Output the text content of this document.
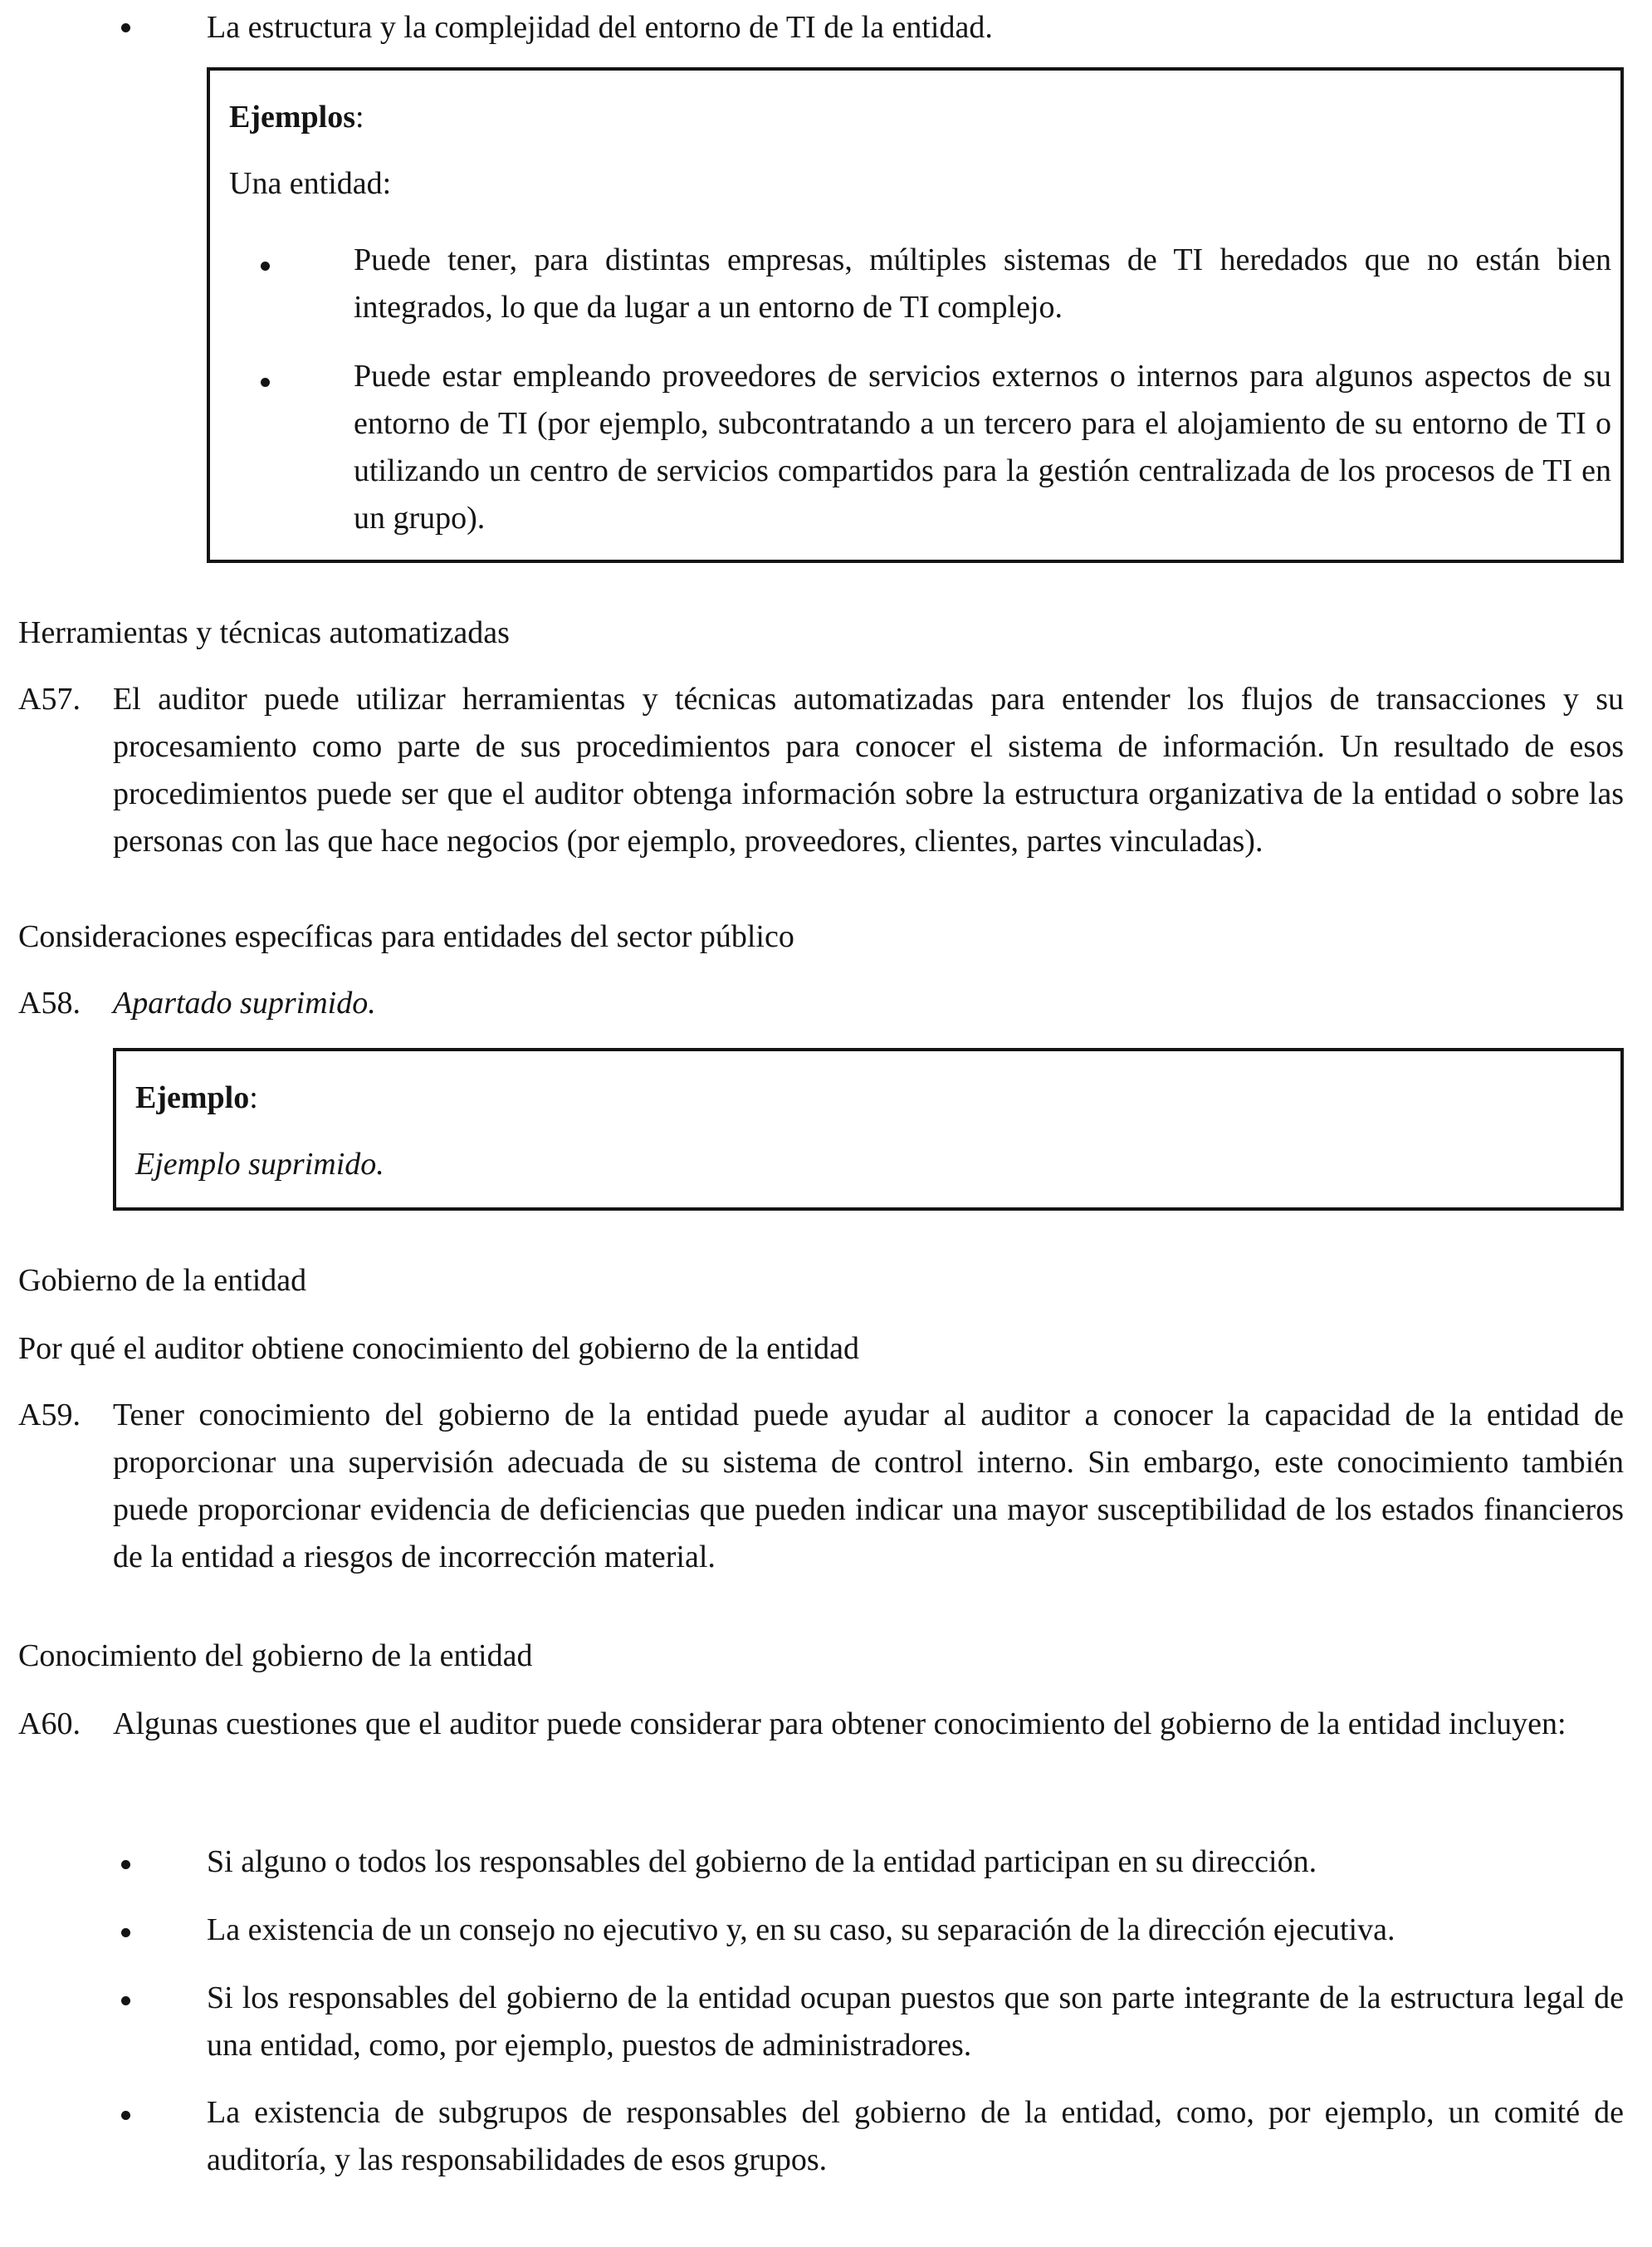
La estructura y la complejidad del entorno de TI de la entidad.
Ejemplos:
Una entidad:
Puede tener, para distintas empresas, múltiples sistemas de TI heredados que no están bien integrados, lo que da lugar a un entorno de TI complejo.
Puede estar empleando proveedores de servicios externos o internos para algunos aspectos de su entorno de TI (por ejemplo, subcontratando a un tercero para el alojamiento de su entorno de TI o utilizando un centro de servicios compartidos para la gestión centralizada de los procesos de TI en un grupo).
Herramientas y técnicas automatizadas
A57. El auditor puede utilizar herramientas y técnicas automatizadas para entender los flujos de transacciones y su procesamiento como parte de sus procedimientos para conocer el sistema de información. Un resultado de esos procedimientos puede ser que el auditor obtenga información sobre la estructura organizativa de la entidad o sobre las personas con las que hace negocios (por ejemplo, proveedores, clientes, partes vinculadas).
Consideraciones específicas para entidades del sector público
A58. Apartado suprimido.
Ejemplo:
Ejemplo suprimido.
Gobierno de la entidad
Por qué el auditor obtiene conocimiento del gobierno de la entidad
A59. Tener conocimiento del gobierno de la entidad puede ayudar al auditor a conocer la capacidad de la entidad de proporcionar una supervisión adecuada de su sistema de control interno. Sin embargo, este conocimiento también puede proporcionar evidencia de deficiencias que pueden indicar una mayor susceptibilidad de los estados financieros de la entidad a riesgos de incorrección material.
Conocimiento del gobierno de la entidad
A60. Algunas cuestiones que el auditor puede considerar para obtener conocimiento del gobierno de la entidad incluyen:
Si alguno o todos los responsables del gobierno de la entidad participan en su dirección.
La existencia de un consejo no ejecutivo y, en su caso, su separación de la dirección ejecutiva.
Si los responsables del gobierno de la entidad ocupan puestos que son parte integrante de la estructura legal de una entidad, como, por ejemplo, puestos de administradores.
La existencia de subgrupos de responsables del gobierno de la entidad, como, por ejemplo, un comité de auditoría, y las responsabilidades de esos grupos.
